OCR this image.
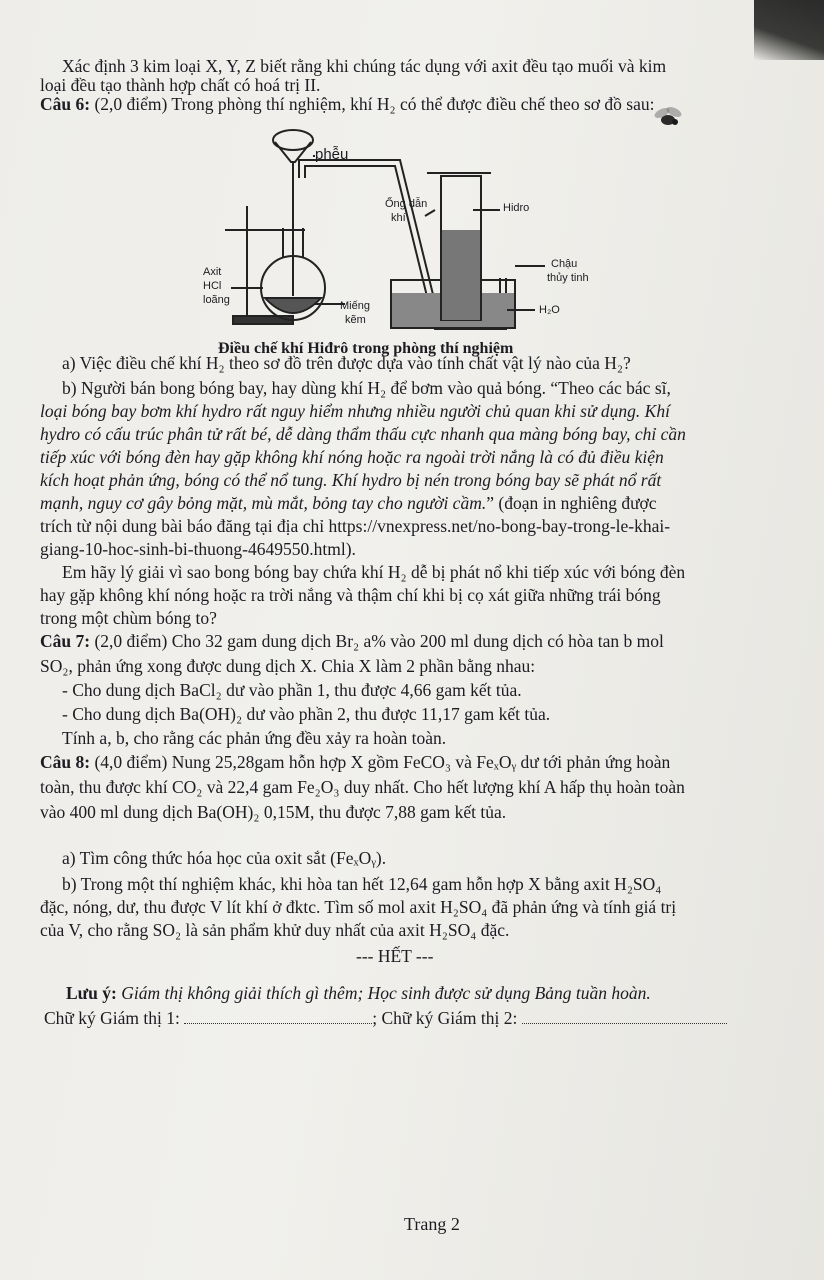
Xác định 3 kim loại X, Y, Z biết rằng khi chúng tác dụng với axit đều tạo muối và kim
loại đều tạo thành hợp chất có hoá trị II.
Câu 6: (2,0 điểm) Trong phòng thí nghiệm, khí H₂ có thể được điều chế theo sơ đồ sau:
phễu
Ống dẫn
khí
Hidro
Chậu
thủy tinh
Axit
HCl
loãng	Miếng
kẽm
H₂O
Điều chế khí Hiđrô trong phòng thí nghiệm
a) Việc điều chế khí H₂ theo sơ đồ trên được dựa vào tính chất vật lý nào của H₂?
b) Người bán bong bóng bay, hay dùng khí H₂ để bơm vào quả bóng. “Theo các bác sĩ,
loại bóng bay bơm khí hydro rất nguy hiểm nhưng nhiều người chủ quan khi sử dụng. Khí
hydro có cấu trúc phân tử rất bé, dễ dàng thẩm thấu cực nhanh qua màng bóng bay, chỉ cần
tiếp xúc với bóng đèn hay gặp không khí nóng hoặc ra ngoài trời nắng là có đủ điều kiện
kích hoạt phản ứng, bóng có thể nổ tung. Khí hydro bị nén trong bóng bay sẽ phát nổ rất
mạnh, nguy cơ gây bỏng mặt, mù mắt, bỏng tay cho người cầm.” (đoạn in nghiêng được
trích từ nội dung bài báo đăng tại địa chỉ https://vnexpress.net/no-bong-bay-trong-le-khai-
giang-10-hoc-sinh-bi-thuong-4649550.html).
Em hãy lý giải vì sao bong bóng bay chứa khí H₂ dễ bị phát nổ khi tiếp xúc với bóng đèn
hay gặp không khí nóng hoặc ra trời nắng và thậm chí khi bị cọ xát giữa những trái bóng
trong một chùm bóng to?
Câu 7: (2,0 điểm) Cho 32 gam dung dịch Br₂ a% vào 200 ml dung dịch có hòa tan b mol
SO₂, phản ứng xong được dung dịch X. Chia X làm 2 phần bằng nhau:
- Cho dung dịch BaCl₂ dư vào phần 1, thu được 4,66 gam kết tủa.
- Cho dung dịch Ba(OH)₂ dư vào phần 2, thu được 11,17 gam kết tủa.
Tính a, b, cho rằng các phản ứng đều xảy ra hoàn toàn.
Câu 8: (4,0 điểm) Nung 25,28gam hỗn hợp X gồm FeCO₃ và FeₓOᵧ dư tới phản ứng hoàn
toàn, thu được khí CO₂ và 22,4 gam Fe₂O₃ duy nhất. Cho hết lượng khí A hấp thụ hoàn toàn
vào 400 ml dung dịch Ba(OH)₂ 0,15M, thu được 7,88 gam kết tủa.
a) Tìm công thức hóa học của oxit sắt (FeₓOᵧ).
b) Trong một thí nghiệm khác, khi hòa tan hết 12,64 gam hỗn hợp X bằng axit H₂SO₄
đặc, nóng, dư, thu được V lít khí ở đktc. Tìm số mol axit H₂SO₄ đã phản ứng và tính giá trị
của V, cho rằng SO₂ là sản phẩm khử duy nhất của axit H₂SO₄ đặc.
--- HẾT ---
Lưu ý: Giám thị không giải thích gì thêm; Học sinh được sử dụng Bảng tuần hoàn.
Chữ ký Giám thị 1:	; Chữ ký Giám thị 2:
Trang 2
